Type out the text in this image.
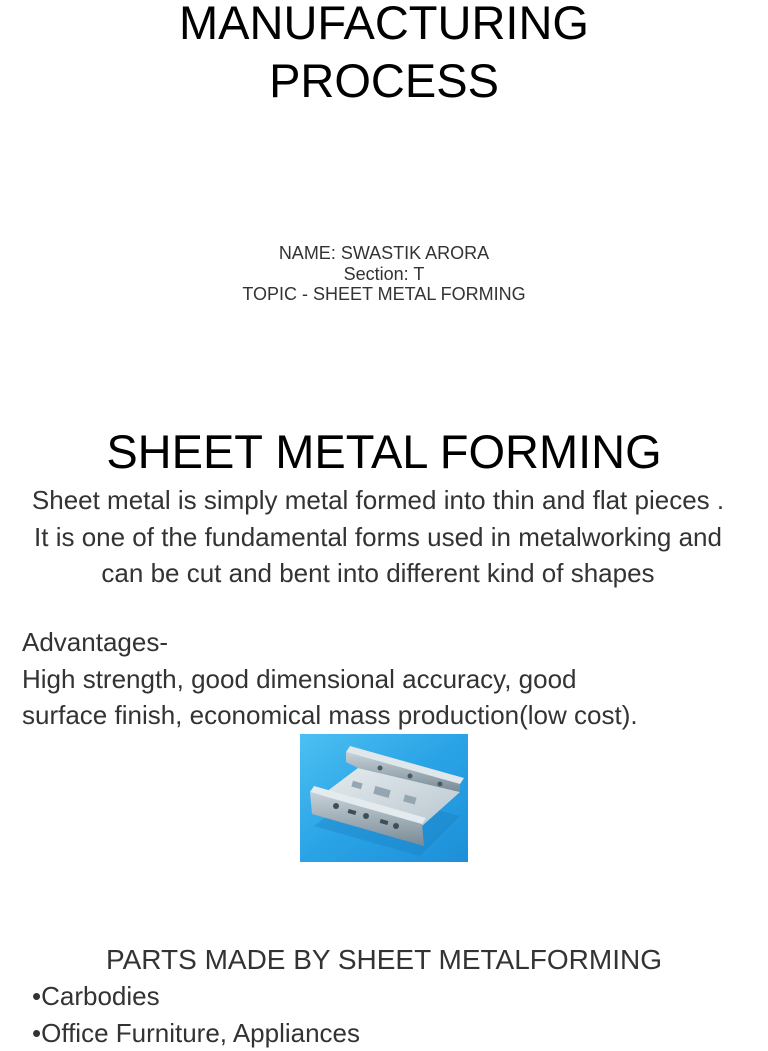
MANUFACTURING
PROCESS
NAME: SWASTIK ARORA
Section: T
TOPIC - SHEET METAL FORMING
SHEET METAL FORMING
Sheet metal is simply metal formed into thin and flat pieces . It is one of the fundamental forms used in metalworking and can be cut and bent into different kind of shapes
Advantages-
High strength, good dimensional accuracy, good
surface finish, economical mass production(low cost).
PARTS MADE BY SHEET METALFORMING
•Carbodies
•Office Furniture, Appliances
